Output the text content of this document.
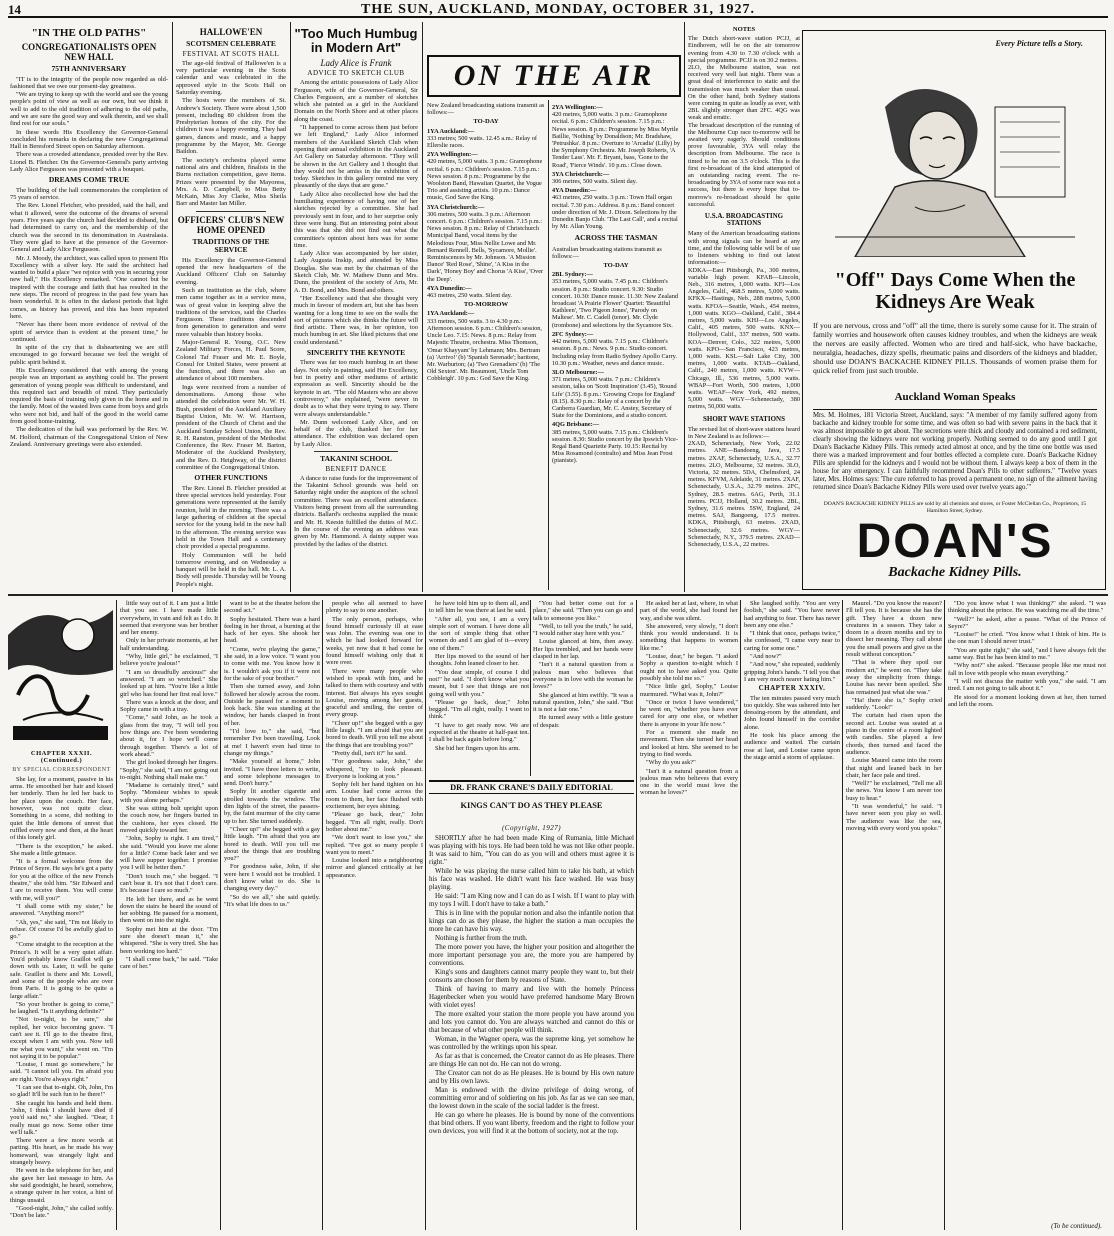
14	THE SUN, AUCKLAND, MONDAY, OCTOBER 31, 1927.
"IN THE OLD PATHS"
CONGREGATIONALISTS OPEN NEW HALL
75TH ANNIVERSARY

"IT is to the integrity of the people now regarded as old-fashioned that we owe our present-day greatness.

"We are trying to keep up with the world and see the young people's point of view as well as our own, but we think it well to add to the old tradition of adhering to the old paths, and we are sure the good way and walk therein, and we shall find rest for our souls."

In these words His Excellency the Governor-General concluded his remarks in declaring the new Congregational Hall in Beresford Street open on Saturday afternoon.

There was a crowded attendance, presided over by the Rev. Lionel B. Fletcher. On the Governor-General's party arriving Lady Alice Fergusson was presented with a bouquet.

DREAMS COME TRUE

The building of the hall commemorates the completion of 75 years of service.

The Rev. Lionel Fletcher, who presided, said the hall, and what it allowed, were the outcome of the dreams of several years. Five years ago the church had decided to disband, but had determined to carry on, and the membership of the church was the second in its denomination in Australasia. They were glad to have at the presence of the Governor-General and Lady Alice Fergusson.

Mr. J. Moody, the architect, was called upon to present His Excellency with a silver key. He said the architect had wanted to build a place "we rejoice with you in securing your new hall," His Excellency remarked. "One cannot but be inspired with the courage and faith that has resulted in the new steps. The record of progress in the past few years has been wonderful. It is often in the darkest periods that light comes, as history has proved, and this has been repeated here.

"Never has there been more evidence of revival of the spirit of service than is evident at the present time," he continued.

In spite of the cry that is disheartening we are still encouraged to go forward because we feel the weight of public spirit behind it.

His Excellency considered that with among the young people was an important as anything could be. The present generation of young people was difficult to understand, and this required tact and breadth of mind. They particularly required the basis of training only given in the home and in the family. Most of the wasted lives came from boys and girls who were not bid, and half of the good in the world came from good home-training.

The dedication of the hall was performed by the Rev. W. M. Holford, chairman of the Congregational Union of New Zealand. Anniversary greetings were also extended.

HALLOWE'EN
SCOTSMEN CELEBRATE
FESTIVAL AT SCOTS HALL

The age-old festival of Hallowe'en is a very particular evening in the Scots calendar and was celebrated in the approved style in the Scots Hall on Saturday evening.

The hosts were the members of St. Andrew's Society. There were about 1,500 present, including 80 children from the Presbyterian homes of the city. For the children it was a happy evening. They had games, dances and music, and a happy programme by the Mayor, Mr. George Baildon.

The society's orchestra played some national airs and children, finalists in the Burns recitation competition, gave items. Prizes were presented by the Mayoress, Mrs. A. D. Campbell, to Miss Betty McKain, Miss Joy Clarke, Miss Sheila Barr and Master Ian Miller.

OFFICERS' CLUB'S NEW HOME OPENED
TRADITIONS OF THE SERVICE

His Excellency the Governor-General opened the new headquarters of the Auckland Officers' Club on Saturday evening.

Such an institution as the club, where men came together as in a service mess, was of great value in keeping alive the traditions of the services, said the Charles Fergusson. These traditions descended from generation to generation and were more valuable than history books.

Major-General R. Young, O.C. New Zealand Military Forces, H. Paul Score, Colonel Taf Fraser and Mr. E. Boyle, Consul for United States, were present at the function, and there was also an attendance of about 100 members.

Ings were received from a number of denominations. Among those who attended the celebration were Mr. W. H. Bush, president of the Auckland Auxiliary Baptist Union, Mr. W. W. Harrison, president of the Church of Christ and the Auckland Sunday School Union, the Rev. R. H. Ranston, president of the Methodist Conference, the Rev. Fraser M. Barton, Moderator of the Auckland Presbytery, and the Rev. D. Heighway, of the district committee of the Congregational Union.

OTHER FUNCTIONS

The Rev. Lionel B. Fletcher presided at three special services held yesterday. Four generations were represented at the family reunion, held in the morning. There was a large gathering of children at the special service for the young held in the new hall in the afternoon. The evening service was held in the Town Hall and a centenary choir provided a special programme.

Holy Communion will be held tomorrow evening, and on Wednesday a banquet will be held in the hall. Mr. L. A. Body will preside. Thursday will be Young People's night.

"Too Much Humbug in Modern Art"
Lady Alice is Frank
ADVICE TO SKETCH CLUB

Among the artistic possessions of Lady Alice Fergusson, wife of the Governor-General, Sir Charles Fergusson, are a number of sketches which she painted as a girl in the Auckland Domain on the North Shore and at other places along the coast.

"It happened to come across them just before we left England," Lady Alice informed members of the Auckland Sketch Club when opening their annual exhibition in the Auckland Art Gallery on Saturday afternoon. "They will be shown in the Art Gallery and I thought that they would not be amiss in the exhibition of today. Sketches in this gallery remind me very pleasantly of the days that are gone."

Lady Alice also recollected how she had the humiliating experience of having one of her sketches rejected by a committee. She had previously sent in four, and to her surprise only three were hung. But an interesting point about this was that she did not find out what the committee's opinion about hers was for some time.

Lady Alice was accompanied by her sister, Lady Augusta Inskip, and attended by Miss Douglas. She was met by the chairman of the Sketch Club, Mr. W. Mathew Dunn and Mrs. Dunn, the president of the society of Arts, Mr. A. D. Bond, and Mrs. Bond and others.

"Her Excellency said that she thought very much in favour of modern art, but she has been wanting for a long time to see on the walls the sort of pictures which she thinks the future will find artistic. There was, in her opinion, too much humbug in art. She liked pictures that one could understand."

SINCERITY THE KEYNOTE

There was far too much humbug in art these days. Not only in painting, said Her Excellency, but in poetry and other mediums of artistic expression as well. Sincerity should be the keynote in art. "The old Masters who are above controversy," she explained, "were never in doubt as to what they were trying to say. There were always understandable."

Mr. Dunn welcomed Lady Alice, and on behalf of the club, thanked her for her attendance. The exhibition was declared open by Lady Alice.

TAKANINI SCHOOL
BENEFIT DANCE

A dance to raise funds for the improvement of the Takanini School grounds was held on Saturday night under the auspices of the school committee. There was an excellent attendance. Visitors being present from all the surrounding districts. Ballard's orchestra supplied the music and Mr. H. Keesin fulfilled the duties of M.C. In the course of the evening an address was given by Mr. Hammond. A dainty supper was provided by the ladies of the district.

ON THE AIR
New Zealand broadcasting stations transmit as follows:—
TO-DAY
1YA Auckland:—
333 metres; 500 watts. 12.45 a.m.: Relay of Ellerslie races.
2YA Wellington:—
420 metres, 5,000 watts. 3 p.m.: Gramophone recital. 6 p.m.: Children's session. 7.15 p.m.: News session. 8 p.m.: Programme by the Woolston Band, Hawaiian Quartet, the Vogue Trio and assisting artists. 10 p.m.: Dance music, God Save the King.
3YA Christchurch:—
306 metres, 500 watts. 3 p.m.: Afternoon concert. 6 p.m.: Children's session. 7.15 p.m.: News session. 8 p.m.: Relay of Christchurch Municipal Band, vocal items by the Melodious Four, Miss Nellie Lowe and Mr. Bernard Rennell. Bells, 'Sycamore, Mollie'. Reminiscences by Mr. Johnson. 'A Mission Dance' 'Red Rose', 'Shine', 'A Kiss in the Dark', 'Honey Boy' and Chorus 'A Kiss', 'Over the Deep'.
4YA Dunedin:—
463 metres, 250 watts. Silent day.
TO-MORROW
1YA Auckland:—
333 metres, 500 watts. 3 to 4.30 p.m.: Afternoon session. 6 p.m.: Children's session, Uncle Leo. 7.15: News. 8 p.m.: Relay from Majestic Theatre, orchestra. Miss Thomson, 'Omar Khayyam' by Lehmann; Mrs. Bertram (a) 'Arrivo!' (b) 'Spanish Serenade'; baritone, Mr. Warburton; (a) 'Two Grenadiers' (b) 'The Old Sexton'. Mr. Beaumont, 'Uncle Tom Cobbleigh'. 10 p.m.: God Save the King.
2YA Wellington:—
420 metres, 5,000 watts. 3 p.m.: Gramophone recital. 6 p.m.: Children's session. 7.15 p.m.: News session. 8 p.m.: Programme by Miss Myrtle Baillie, 'Nothing' by Donaldson; Mr. Bradshaw, 'Petrushka'. 8 p.m.: Overture to 'Arcadia' (Lilly) by the Symphony Orchestra. Mr. Joseph Roberts, 'A Tender Lass'. Mr. F. Bryant, bass, 'Gone to the Road', 'Fierce Winds'. 10 p.m.: Close down.
3YA Christchurch:—
306 metres, 500 watts. Silent day.
4YA Dunedin:—
463 metres, 250 watts. 3 p.m.: Town Hall organ recital. 7.30 p.m.: Address. 8 p.m.: Band concert under direction of Mr. J. Dixon. Selections by the Dunedin Banjo Club. 'The Last Call', and a recital by Mr. Allan Young.
ACROSS THE TASMAN
Australian broadcasting stations transmit as follows:—
TO-DAY
2BL Sydney:—
353 metres, 5,000 watts. 7.45 p.m.: Children's session. 8 p.m.: Studio concert. 9.30: Studio concert. 10.30: Dance music. 11.30: New Zealand broadcast 'A Prairie Flower' Quartet: 'Beautiful Kathleen', 'Two Pigeon Jones', 'Parody on Maltese'. Mr. C. Cadell (tenor). Mr. Clyde (trombone) and selections by the Sycamore Six.
2FC Sydney:—
442 metres, 5,000 watts. 7.15 p.m.: Children's session. 8 p.m.: News. 9 p.m.: Studio concert. Including relay from Radio Sydney Apollo Carry. 10.30 p.m.: Weather, news and dance music.
3LO Melbourne:—
371 metres, 5,000 watts. 7 p.m.: Children's session, talks on 'Scott Inspiration' (3.45), 'Round Life' (3.55). 8 p.m.: 'Growing Crops for England' (8.15). 8.30 p.m.: Relay of a concert by the Canberra Guardian, Mr. C. Anstey, Secretary of State for the Dominions, and a studio concert.
4QG Brisbane:—
385 metres, 5,000 watts. 7.15 p.m.: Children's session. 8.30: Studio concert by the Ipswich Vice-Regal Band Quartette Party. 10.15: Recital by Miss Rosamond (contralto) and Miss Jean Frost (pianiste).
NOTES
The Dutch short-wave station PCJJ, at Eindhoven, will be on the air tomorrow evening from 4.30 to 7.30 o'clock with a special programme. PCJJ is on 30.2 metres.
2LO, the Melbourne station, was not received very well last night. There was a great deal of interference to static and the transmission was much weaker than usual. On the other hand, both Sydney stations were coming in quite as loudly as ever, with 2BL slightly stronger than 2FC. 4QG was weak and erratic.
The broadcast description of the running of the Melbourne Cup race to-morrow will be awaited very eagerly. Should conditions prove favourable, 3YA will relay the description from Melbourne. The race is timed to be run on 3.5 o'clock. This is the first re-broadcast of the kind attempted of an outstanding racing event. The re-broadcasting by 3YA of some race was not a success, but there is every hope that to-morrow's re-broadcast should be quite successful.
U.S.A. BROADCASTING STATIONS
Many of the American broadcasting stations with strong signals can be heard at any time, and the following table will be of use to listeners wishing to find out latest information:—
KDKA—East Pittsburgh, Pa., 300 metres, variable high power. KFAB—Lincoln, Neb., 316 metres, 1,000 watts. KFI—Los Angeles, Calif., 468.5 metres, 5,000 watts. KFKX—Hastings, Neb., 288 metres, 5,000 watts. KFOA—Seattle, Wash., 454 metres, 1,000 watts. KGO—Oakland, Calif., 384.4 metres, 5,000 watts. KHJ—Los Angeles, Calif., 405 metres, 500 watts. KNX—Hollywood, Calif., 337 metres, 500 watts. KOA—Denver, Colo., 322 metres, 5,000 watts. KPO—San Francisco, 423 metres, 1,000 watts. KSL—Salt Lake City, 300 metres, 1,000 watts. KTAB—Oakland, Calif., 240 metres, 1,000 watts. KYW—Chicago, Ill., 536 metres, 5,000 watts. WBAP—Fort Worth, 500 metres, 1,000 watts. WEAF—New York, 492 metres, 5,000 watts. WGY—Schenectady, 380 metres, 50,000 watts.
SHORT WAVE STATIONS
The revised list of short-wave stations heard in New Zealand is as follows:—
2XAD, Schenectady, New York, 22.02 metres. ANE—Bandoeng, Java, 17.5 metres. 2XAF, Schenectady, U.S.A., 32.77 metres. 2LO, Melbourne, 32 metres. 3LO, Victoria, 32 metres. 5DA, Chelmsford, 24 metres. KFVM, Adelaide, 31 metres. 2XAF, Schenectady, U.S.A., 32.79 metres. 2FC, Sydney, 28.5 metres. 6AG, Perth, 31.1 metres. PCJJ, Holland, 30.2 metres. 2BL, Sydney, 31.6 metres. 5SW, England, 24 metres. SAJ, Bangoeng, 17.5 metres. KDKA, Pittsburgh, 63 metres. 2XAD, Schenectady, 32.6 metres. WGY—Schenectady, N.Y., 379.5 metres. 2XAD—Schenectady, U.S.A., 22 metres.
Every Picture tells a Story.
"Off" Days Come When the Kidneys Are Weak
If you are nervous, cross and "off" all the time, there is surely some cause for it. The strain of family worries and housework often causes kidney troubles, and when the kidneys are weak the nerves are easily affected. Women who are tired and half-sick, who have backache, neuralgia, headaches, dizzy spells, rheumatic pains and disorders of the kidneys and bladder, should use DOAN'S BACKACHE KIDNEY PILLS. Thousands of women praise them for quick relief from just such trouble.
Auckland Woman Speaks
Mrs. M. Holmes, 181 Victoria Street, Auckland, says: "A member of my family suffered agony from backache and kidney trouble for some time, and was often so bad with severe pains in the back that it was almost impossible to get about. The secretions were thick and cloudy and contained a red sediment, clearly showing the kidneys were not working properly. Nothing seemed to do any good until I got Doan's Backache Kidney Pills. This remedy acted almost at once, and by the time one bottle was used there was a marked improvement and four bottles effected a complete cure. Doan's Backache Kidney Pills are splendid for the kidneys and I would not be without them. I always keep a box of them in the house for any emergency. I can faithfully recommend Doan's Pills to other sufferers." "Twelve years later, Mrs. Holmes says: 'The cure referred to has proved a permanent one, no sign of the ailment having returned since Doan's Backache Kidney Pills were used over twelve years ago.'"
DOAN'S BACKACHE KIDNEY PILLS are sold by all chemists and stores, or Foster McClellan Co., Proprietors, 15 Hamilton Street, Sydney.
DOAN'S
Backache Kidney Pills.
CHAPTER XXXII. (Continued.)
BY SPECIAL CORRESPONDENT

She lay, for a moment, passive in his arms. He smoothed her hair and kissed her tenderly. Then he led her back to her place upon the couch. Her face, however, was not quite clear. Something in a scene, did nothing to quiet the little demons of unrest that ruffled every now and then, at the heart of this lonely girl.

"There is the exception," he asked. She made a little grimace.

"It is a formal welcome from the Prince of Seyre. He says he's got a party for you at the office of the new French theatre," she told him. "Sir Edward and I are to receive them. You will come with me, will you?"

"I shall come with my sister," he answered. "Anything more?"

"Ah, yes," she said, "I'm not likely to refuse. Of course I'd be awfully glad to go."

"Come straight to the reception at the Prince's. It will be a very quiet affair. You'd probably know Graillot will go down with us. Later, it will be quite safe. Graillot is there and Mr. Lowell, and some of the people who are over from Paris. It is going to be quite a large affair."

"So your brother is going to come," he laughed. "Is it anything definite?"

"Not to-night, to be sure," she replied, her voice becoming grave. "I can't see it. I'll go to the theatre first, except when I am with you. Now tell me what you want," she went on. "I'm not saying it to be popular."

"Louise, I must go somewhere," he said. "I cannot tell you. I'm afraid you are right. You're always right."

"I can see that to-night. Oh, John, I'm so glad! It'll be such fun to be there!"

She caught his hands and held them. "John, I think I should have died if you'd said no," she laughed. "Dear, I really must go now. Some other time we'll talk."

There were a few more words at parting. His heart, as he made his way homeward, was strangely light and strangely heavy.

He went in the telephone for her, and she gave her last message to him. As she said goodnight, he heard, somehow, a strange quiver in her voice, a hint of things unsaid.

"Good-night, John," she called softly. "Don't be late."

little way out of it. I am just a little that you see. I have made little everywhere, in vain and felt as I do. It seemed that everyone was her brother and her enemy.

Only in her private moments, at her half understanding.

"Why, little girl," he exclaimed, "I believe you're jealous!"

"I am so dreadfully anxious!" she answered. "I am so wretched." She looked up at him. "You're like a little girl who has found her first real love."

There was a knock at the door, and Sophy came in with a tray.

"Come," said John, as he took a glass from the tray, "I will tell you how things are. I've been wondering about it, for I hope we'll come through together. There's a lot of work ahead."

The girl looked through her fingers. "Sophy," she said, "I am not going out to-night. Nothing shall make me."

"Madame is certainly tired," said Sophy. "Monsieur wishes to speak with you alone perhaps."

She was sitting bolt upright upon the couch now, her fingers buried in the cushions, her eyes closed. He moved quickly toward her.

"John, Sophy is right. I am tired," she said. "Would you leave me alone for a little? Come back later and we will have supper together. I promise you I will be better then."

"Don't touch me," she begged. "I can't bear it. It's not that I don't care. It's because I care so much."

He left her there, and as he went down the stairs he heard the sound of her sobbing. He paused for a moment, then went on into the night.

Sophy met him at the door. "I'm sure she doesn't mean it," she whispered. "She is very tired. She has been working too hard."

"I shall come back," he said. "Take care of her."

want to be at the theatre before the second act."

Sophy hesitated. There was a hard feeling in her throat, a burning at the back of her eyes. She shook her head.

"Come, we're playing the game," she said, in a low voice. "I want you to come with me. You know how it is. I wouldn't ask you if it were not for the sake of your brother."

Then she turned away, and John followed her slowly across the room. Outside he paused for a moment to look back. She was standing at the window, her hands clasped in front of her.

"I'd love to," she said, "but remember I've been travelling. Look at me! I haven't even had time to change my things."

"Make yourself at home," John invited. "I have three letters to write, and some telephone messages to send. Don't hurry."

Sophy lit another cigarette and strolled towards the window. The dim lights of the street, the passers-by, the faint murmur of the city came up to her. She turned suddenly.

"Cheer up!" she begged with a gay little laugh. "I'm afraid that you are bored to death. Will you tell me about the things that are troubling you?"

For goodness sake, John, if she were here I would not be troubled. I don't know what to do. She is changing every day."

"So do we all," she said quietly. "It's what life does to us."

people who all seemed to have plenty to say to one another.

The only person, perhaps, who found himself curiously ill at ease was John. The evening was one to which he had looked forward for weeks, yet now that it had come he found himself wishing only that it were over.

There were many people who wished to speak with him, and he talked to them with courtesy and with interest. But always his eyes sought Louise, moving among her guests, graceful and smiling, the centre of every group.

"Cheer up!" she begged with a gay little laugh. "I am afraid that you are bored to death. Will you tell me about the things that are troubling you?"

"Pretty dull, isn't it?" he said.

"For goodness sake, John," she whispered, "try to look pleasant. Everyone is looking at you."

Sophy felt her hand tighten on his arm. Louise had come across the room to them, her face flushed with excitement, her eyes shining.

"Please go back, dear," John begged. "I'm all right, really. Don't bother about me."

"We don't want to lose you," she replied. "I've got so many people I want you to meet."

Louise looked into a neighbouring mirror and glanced critically at her appearance.

he have told him up to them all, and to tell him he was there at last he said.

"After all, you see, I am a very simple sort of woman. I have done all the sort of simple thing that other women do and I am glad of it—every one of them."

Her lips moved to the sound of her thoughts. John leaned closer to her.

"You dear simple, of course I did not!" he said. "I don't know what you meant, but I see that things are not going well with you."

"Please go back, dear," John begged. "I'm all right, really. I want to think."

"I have to get ready now. We are expected at the theatre at half-past ten. I shall be back again before long."

She bid her fingers upon his arm.

"You had better come out for a place," she said. "Then you can go and talk to someone you like."

"Well, to tell you the truth," he said, "I would rather stay here with you."

Louise glanced at him, then away. Her lips trembled, and her hands were clasped in her lap.

"Isn't it a natural question from a jealous man who believes that everyone is in love with the woman he loves?"

She glanced at him swiftly. "It was a natural question, John," she said. "But it is not a fair one."

He turned away with a little gesture of despair.

DR. FRANK CRANE'S DAILY EDITORIAL
KINGS CAN'T DO AS THEY PLEASE
(Copyright, 1927)

SHORTLY after he had been made King of Rumania, little Michael was playing with his toys. He had been told he was not like other people. It was said to him, "You can do as you will and others must agree it is right."

While he was playing the nurse called him to take his bath, at which his face was washed. He didn't want his face washed. He was busy playing.

He said: "I am King now and I can do as I wish. If I want to play with my toys I will. I don't have to take a bath."

This is in line with the popular notion and also the infantile notion that kings can do as they please, the higher the station a man occupies the more he can have his way.

Nothing is further from the truth.

The more power you have, the higher your position and altogether the more important personage you are, the more you are hampered by conventions.

King's sons and daughters cannot marry people they want to, but their consorts are chosen for them by reasons of State.

Think of having to marry and live with the homely Princess Hagenbecker when you would have preferred handsome Mary Brown with violet eyes!

The more exalted your station the more people you have around you and lots you cannot do. You are always watched and cannot do this or that because of what other people will think.

Woman, in the Wagner opera, was the supreme king, yet somehow he was controlled by the writings upon his spear.

As far as that is concerned, the Creator cannot do as He pleases. There are things He can not do. He can not do wrong.

The Creator can not do as He pleases. He is bound by His own nature and by His own laws.

Man is endowed with the divine privilege of doing wrong, of committing error and of soldiering on his job. As far as we can see man, the lowest down in the scale of the social ladder is the freest.

He can go where he pleases. He is bound by none of the conventions that bind others. If you want liberty, freedom and the right to follow your own devices, you will find it at the bottom of society, not at the top.

He asked her at last, where, in what part of the world, she had found her way, and she was silent.

She answered, very slowly, "I don't think you would understand. It is something that happens to women like me."

"Louise, dear," he began. "I asked Sophy a question to-night which I ought not to have asked you. Quite possibly she told me so."

"Nice little girl, Sophy," Louise murmured. "What was it, John?"

"Once or twice I have wondered," he went on, "whether you have ever cared for any one else, or whether there is anyone in your life now."

For a moment she made no movement. Then she turned her head and looked at him. She seemed to be trying to find words.

"Why do you ask?"

"Isn't it a natural question from a jealous man who believes that every one in the world must love the woman he loves?"

She laughed softly. "You are very foolish," she said. "You have never had anything to fear. There has never been any one else."

"I think that once, perhaps twice," she confessed, "I came very near to caring for some one."

"And now?"

"And now," she repeated, suddenly gripping John's hands. "I tell you that I am very much nearer hating him."

CHAPTER XXXIV.

The ten minutes passed very much too quickly. She was ushered into her dressing-room by the attendant, and John found himself in the corridor alone.

He took his place among the audience and waited. The curtain rose at last, and Louise came upon the stage amid a storm of applause.

Maurel. "Do you know the reason? I'll tell you. It is because she has the gift. They have a dozen new creatures in a season. They take a dozen in a dozen months and try to dissect her meaning. They call about you the small powers and give us the result without conception."

"That is where they spoil our modern art," he went on. "They take away the simplicity from things. Louise has never been spoiled. She has remained just what she was."

"Ha! there she is," Sophy cried suddenly. "Look!"

The curtain had risen upon the second act. Louise was seated at a piano in the centre of a room lighted with candles. She played a few chords, then turned and faced the audience.

Louise Maurel came into the room that night and leaned back in her chair, her face pale and tired.

"Well?" he exclaimed, "Tell me all the news. You know I am never too busy to hear."

"It was wonderful," he said. "I have never seen you play so well. The audience was like the sea, moving with every word you spoke."

"Do you know what I was thinking?" she asked. "I was thinking about the prince. He was watching me all the time."

"Well?" he asked, after a pause. "What of the Prince of Seyre?"

"Louise!" he cried. "You know what I think of him. He is the one man I should never trust."

"You are quite right," she said, "and I have always felt the same way. But he has been kind to me."

"Why not?" she asked. "Because people like me must not fall in love with people who mean everything."

"I will not discuss the matter with you," she said. "I am tired. I am not going to talk about it."

He stood for a moment looking down at her, then turned and left the room.

(To be continued).
